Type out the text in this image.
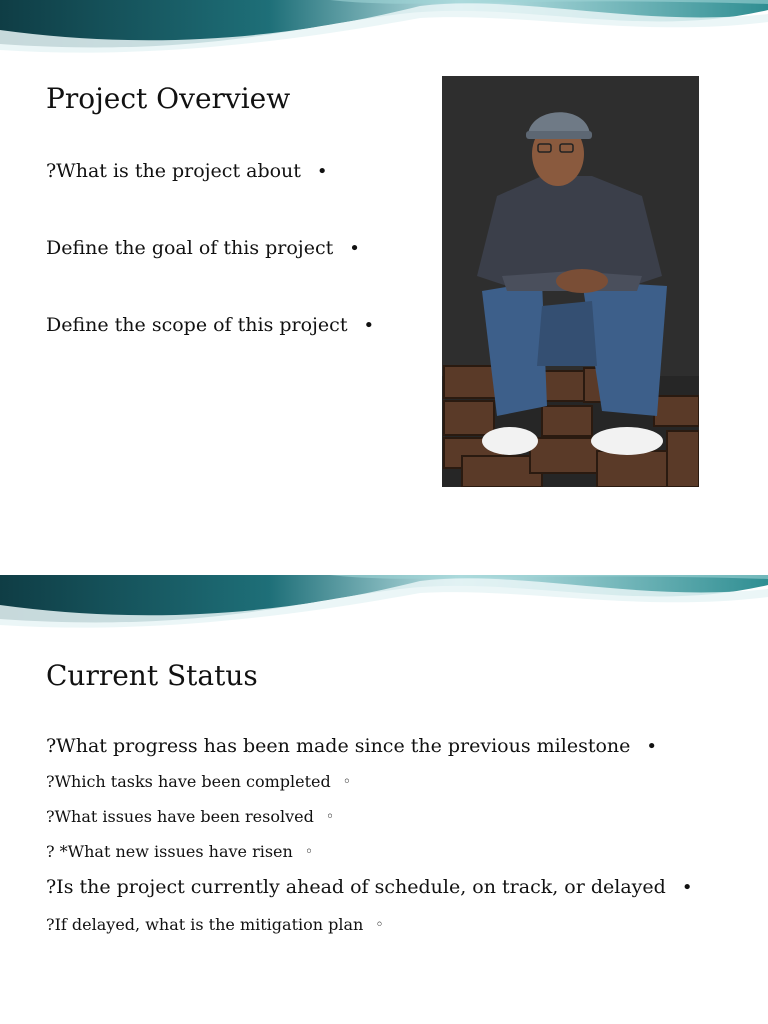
Project Overview
?What is the project about •
Define the goal of this project •
Define the scope of this project •
Current Status
?What progress has been made since the previous milestone •
?Which tasks have been completed ◦
?What issues have been resolved ◦
? *What new issues have risen ◦
?Is the project currently ahead of schedule, on track, or delayed •
?If delayed, what is the mitigation plan ◦
